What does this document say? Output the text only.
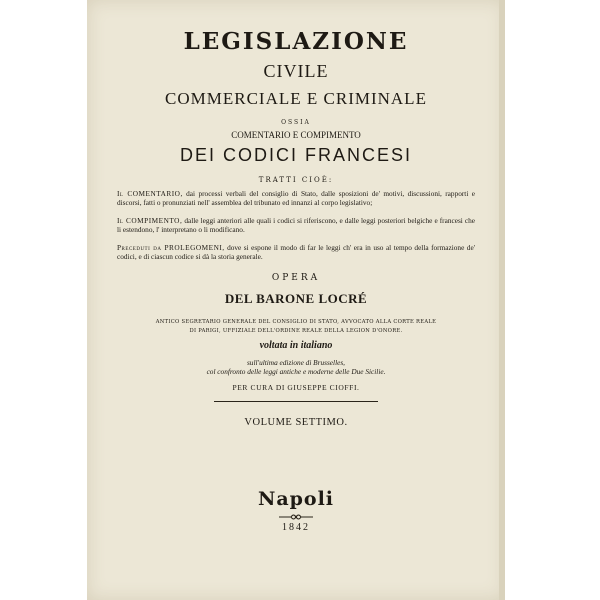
LEGISLAZIONE
CIVILE
COMMERCIALE E CRIMINALE
OSSIA
COMENTARIO E COMPIMENTO
DEI CODICI FRANCESI
TRATTI CIOÈ:
Il COMENTARIO, dai processi verbali del consiglio di Stato, dalle sposizioni de' motivi, discussioni, rapporti e discorsi, fatti o pronunziati nell' assemblea del tribunato ed innanzi al corpo legislativo;
Il COMPIMENTO, dalle leggi anteriori alle quali i codici si riferiscono, e dalle leggi posteriori belgiche e francesi che li estendono, l' interpretano o li modificano.
Preceduti da PROLEGOMENI, dove si espone il modo di far le leggi ch' era in uso al tempo della formazione de' codici, e di ciascun codice si dà la storia generale.
OPERA
DEL BARONE LOCRÉ
ANTICO SEGRETARIO GENERALE DEL CONSIGLIO DI STATO, AVVOCATO ALLA CORTE REALE
DI PARIGI, UFFIZIALE DELL'ORDINE REALE DELLA LEGION D'ONORE.
voltata in italiano
sull'ultima edizione di Brusselles,
col confronto delle leggi antiche e moderne delle Due Sicilie.
PER CURA DI GIUSEPPE CIOFFI.
VOLUME SETTIMO.
Napoli
1842
